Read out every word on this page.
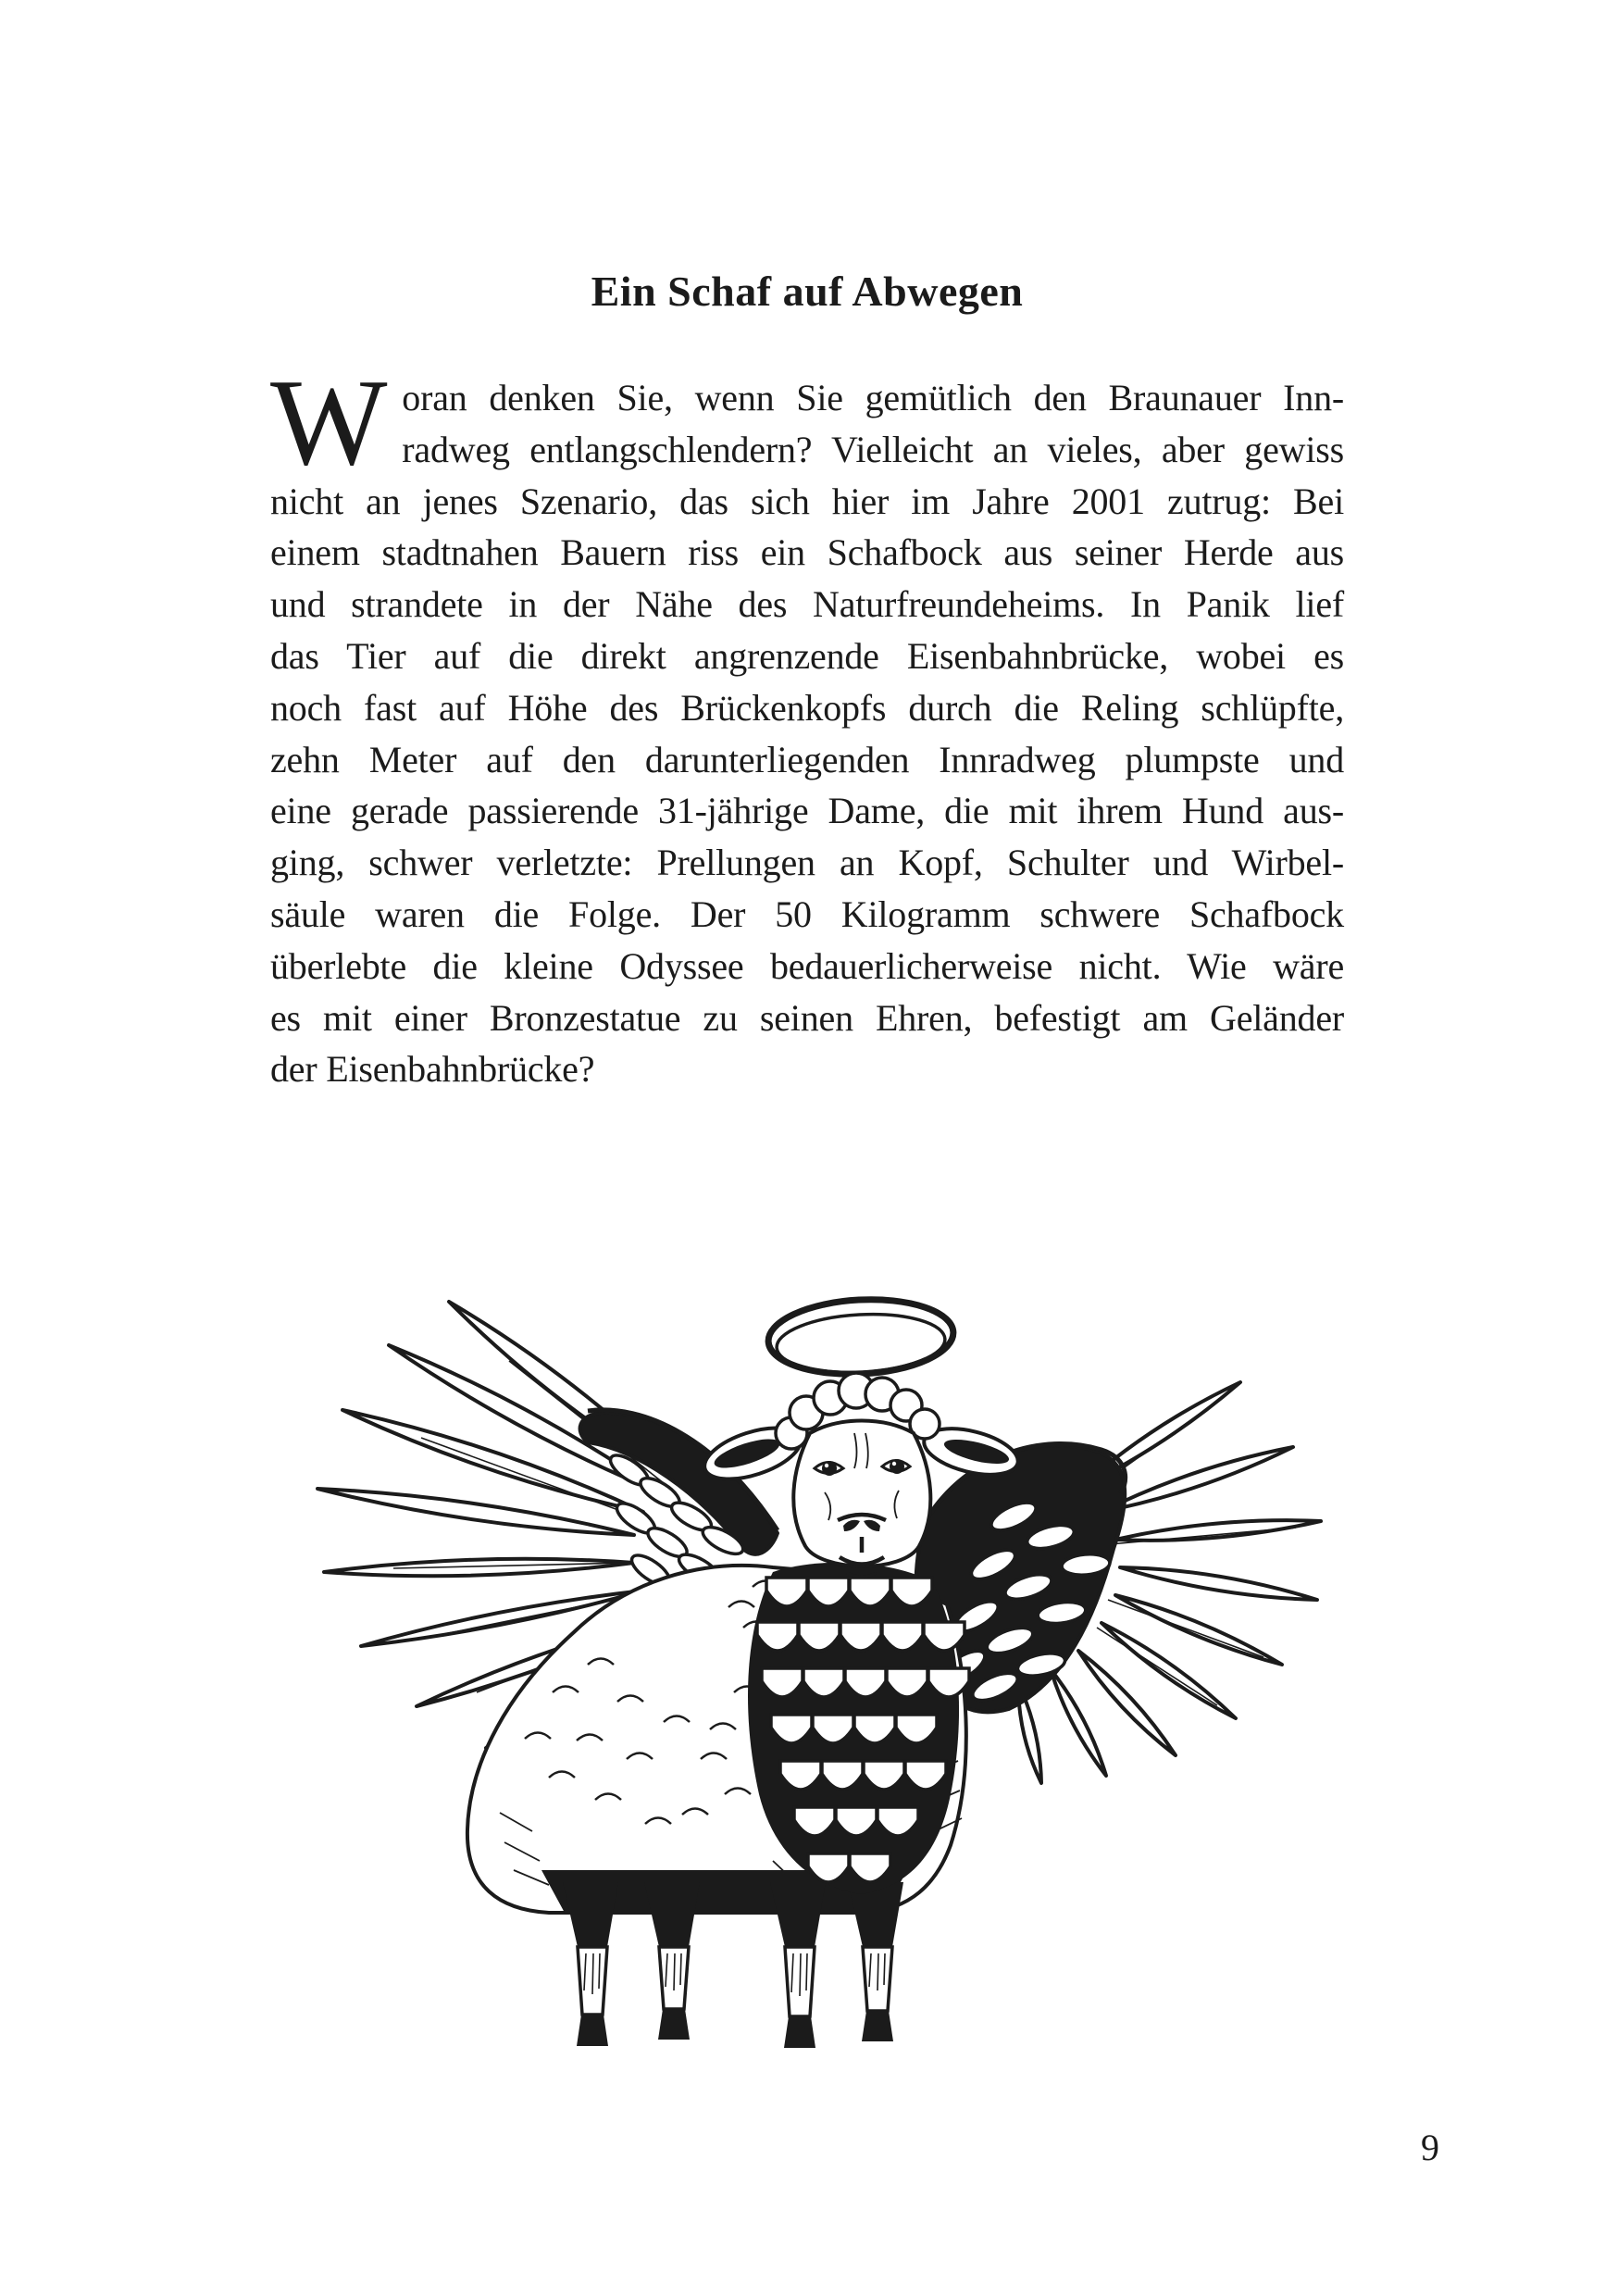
Ein Schaf auf Abwegen
W oran denken Sie, wenn Sie gemütlich den Braunauer Inn-
radweg entlangschlendern? Vielleicht an vieles, aber gewiss
nicht an jenes Szenario, das sich hier im Jahre 2001 zutrug: Bei
einem stadtnahen Bauern riss ein Schafbock aus seiner Herde aus
und strandete in der Nähe des Naturfreundeheims. In Panik lief
das Tier auf die direkt angrenzende Eisenbahnbrücke, wobei es
noch fast auf Höhe des Brückenkopfs durch die Reling schlüpfte,
zehn Meter auf den darunterliegenden Innradweg plumpste und
eine gerade passierende 31-jährige Dame, die mit ihrem Hund aus-
ging, schwer verletzte: Prellungen an Kopf, Schulter und Wirbel-
säule waren die Folge. Der 50 Kilogramm schwere Schafbock
überlebte die kleine Odyssee bedauerlicherweise nicht. Wie wäre
es mit einer Bronzestatue zu seinen Ehren, befestigt am Geländer
der Eisenbahnbrücke?
9
